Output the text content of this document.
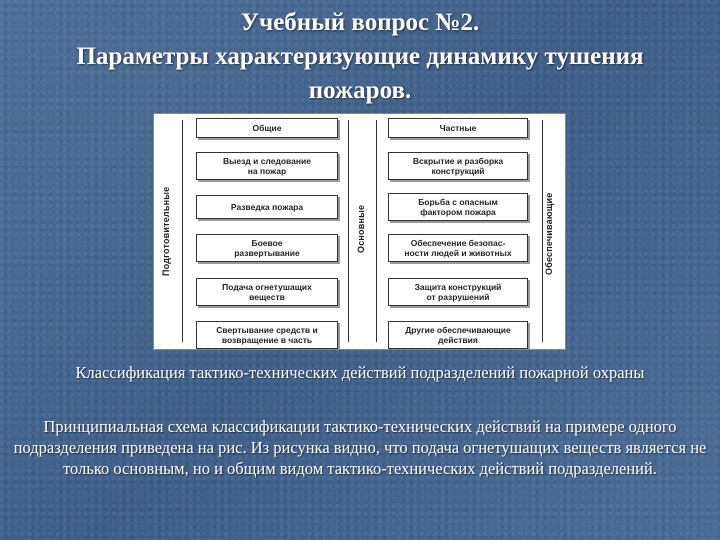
Учебный вопрос №2.
Параметры характеризующие динамику тушения
пожаров.
Подготовительные	Основные	Обеспечивающие
Общие
Выезд и следование
на пожар
Разведка пожара
Боевое
развертывание
Подача огнетушащих
веществ
Свертывание средств и
возвращение в часть
Частные
Вскрытие и разборка
конструкций
Борьба с опасным
фактором пожара
Обеспечение безопас-
ности людей и животных
Защита конструкций
от разрушений
Другие обеспечивающие
действия
Классификация тактико-технических действий подразделений пожарной охраны
Принципиальная схема классификации тактико-технических действий на примере одного подразделения приведена на рис. Из рисунка видно, что подача огнетушащих веществ является не только основным, но и общим видом тактико-технических действий подразделений.
